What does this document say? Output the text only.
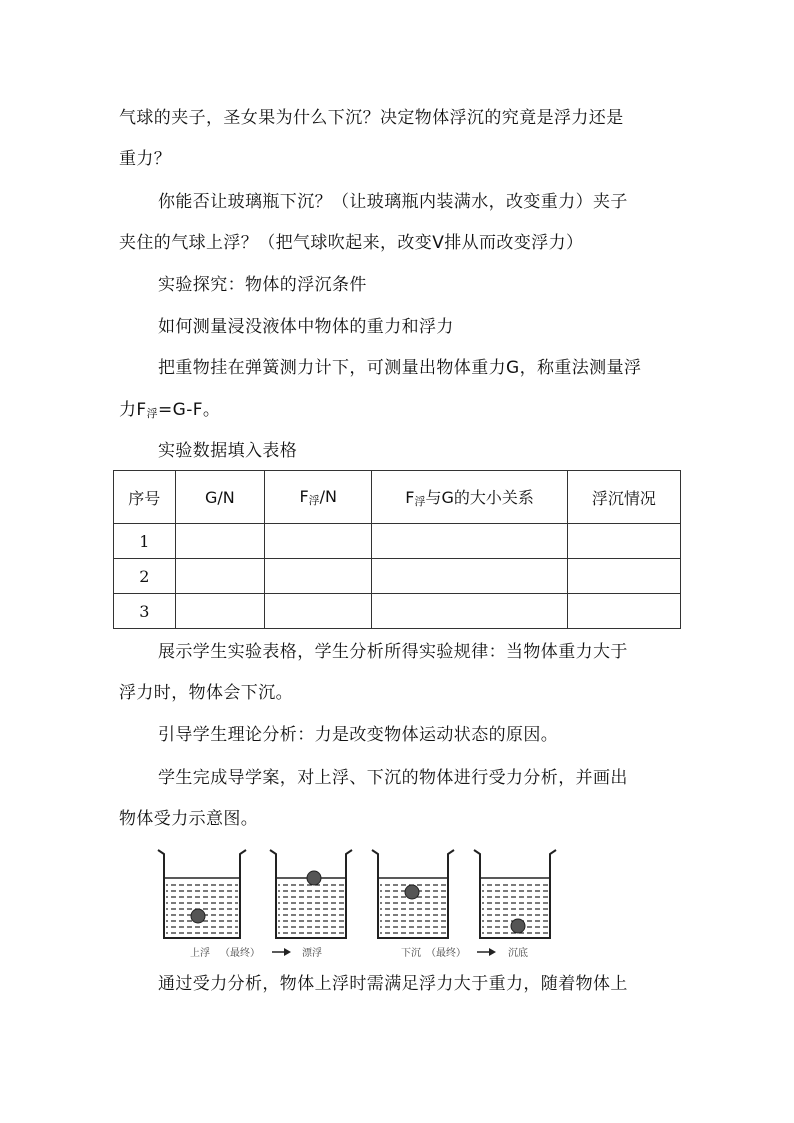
气球的夹子，圣女果为什么下沉？决定物体浮沉的究竟是浮力还是
重力？
你能否让玻璃瓶下沉？（让玻璃瓶内装满水，改变重力）夹子
夹住的气球上浮？（把气球吹起来，改变V排从而改变浮力）
实验探究：物体的浮沉条件
如何测量浸没液体中物体的重力和浮力
把重物挂在弹簧测力计下，可测量出物体重力G，称重法测量浮
力$F_浮=G-F$。
实验数据填入表格
序号	G/N	$F_浮/N$	$F_浮$与G的大小关系	浮沉情况
1				
2				
3				
展示学生实验表格，学生分析所得实验规律：当物体重力大于
浮力时，物体会下沉。
引导学生理论分析：力是改变物体运动状态的原因。
学生完成导学案，对上浮、下沉的物体进行受力分析，并画出
物体受力示意图。
上浮 （最终）	漂浮	下沉 （最终）	沉底
通过受力分析，物体上浮时需满足浮力大于重力，随着物体上
